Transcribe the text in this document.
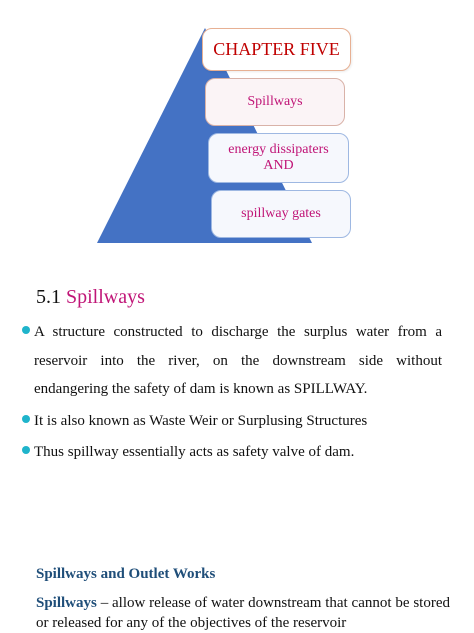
CHAPTER FIVE
Spillways
energy dissipaters AND
spillway gates
5.1 Spillways
A structure constructed to discharge the surplus water from a reservoir into the river, on the downstream side without endangering the safety of dam is known as SPILLWAY.
It is also known as Waste Weir or Surplusing Structures
Thus spillway essentially acts as safety valve of dam.
Spillways and Outlet Works
Spillways – allow release of water downstream that cannot be stored or released for any of the objectives of the reservoir
